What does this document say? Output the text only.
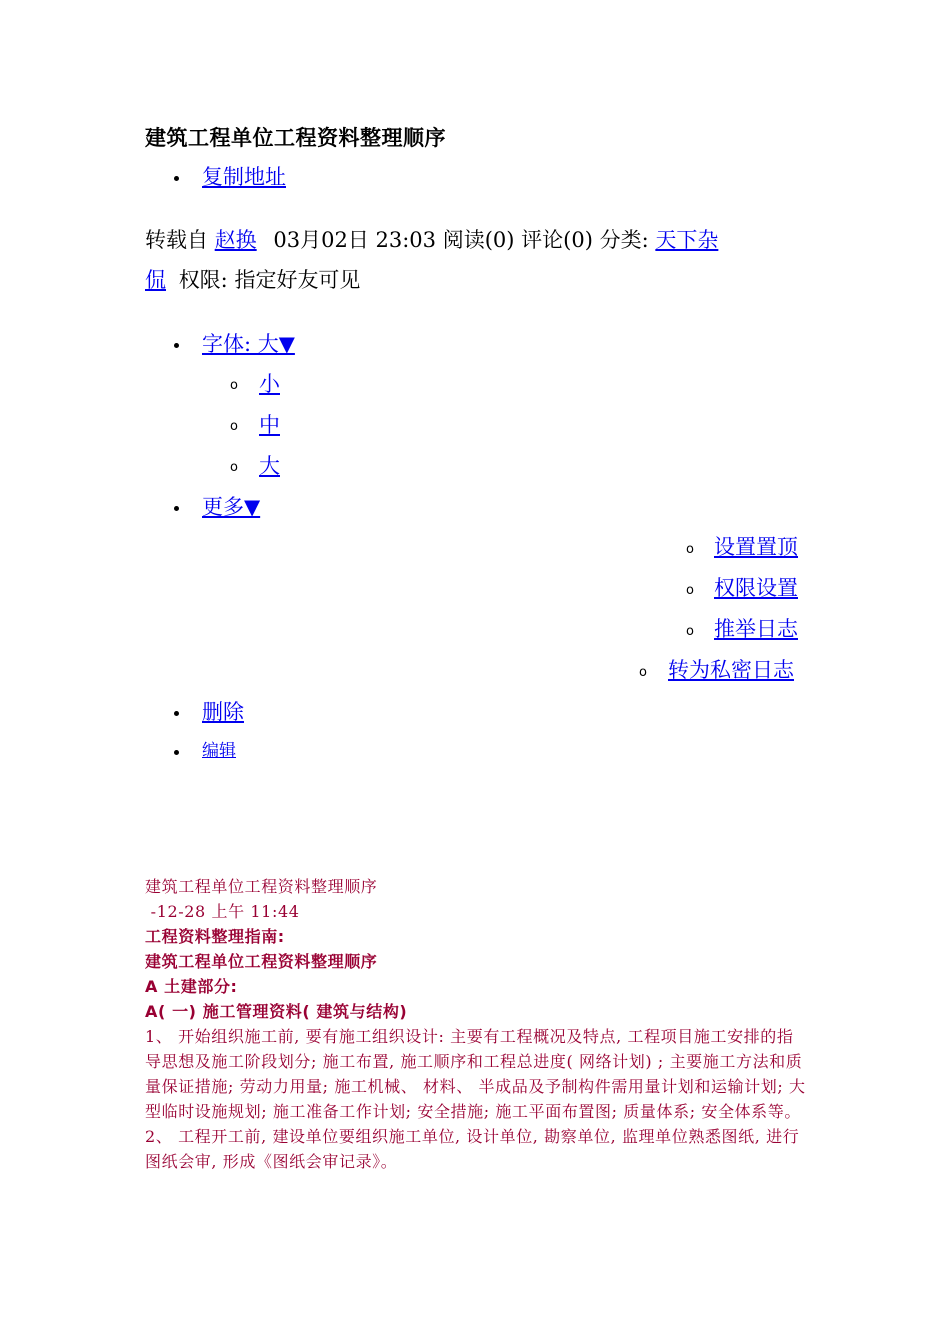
建筑工程单位工程资料整理顺序
复制地址
转载自 赵换 03月02日 23:03 阅读(0) 评论(0) 分类: 天下杂
侃 权限: 指定好友可见
字体: 大▼
o 小
o 中
o 大
更多▼
o 设置置顶
o 权限设置
o 推举日志
o 转为私密日志
删除
编辑
建筑工程单位工程资料整理顺序
-12-28 上午 11:44
工程资料整理指南:
建筑工程单位工程资料整理顺序
A 土建部分:
A( 一) 施工管理资料( 建筑与结构)
1、 开始组织施工前, 要有施工组织设计: 主要有工程概况及特点, 工程项目施工安排的指导思想及施工阶段划分; 施工布置, 施工顺序和工程总进度( 网络计划) ; 主要施工方法和质量保证措施; 劳动力用量; 施工机械、 材料、 半成品及予制构件需用量计划和运输计划; 大型临时设施规划; 施工准备工作计划; 安全措施; 施工平面布置图; 质量体系; 安全体系等。
2、 工程开工前, 建设单位要组织施工单位, 设计单位, 勘察单位, 监理单位熟悉图纸, 进行图纸会审, 形成《图纸会审记录》。
